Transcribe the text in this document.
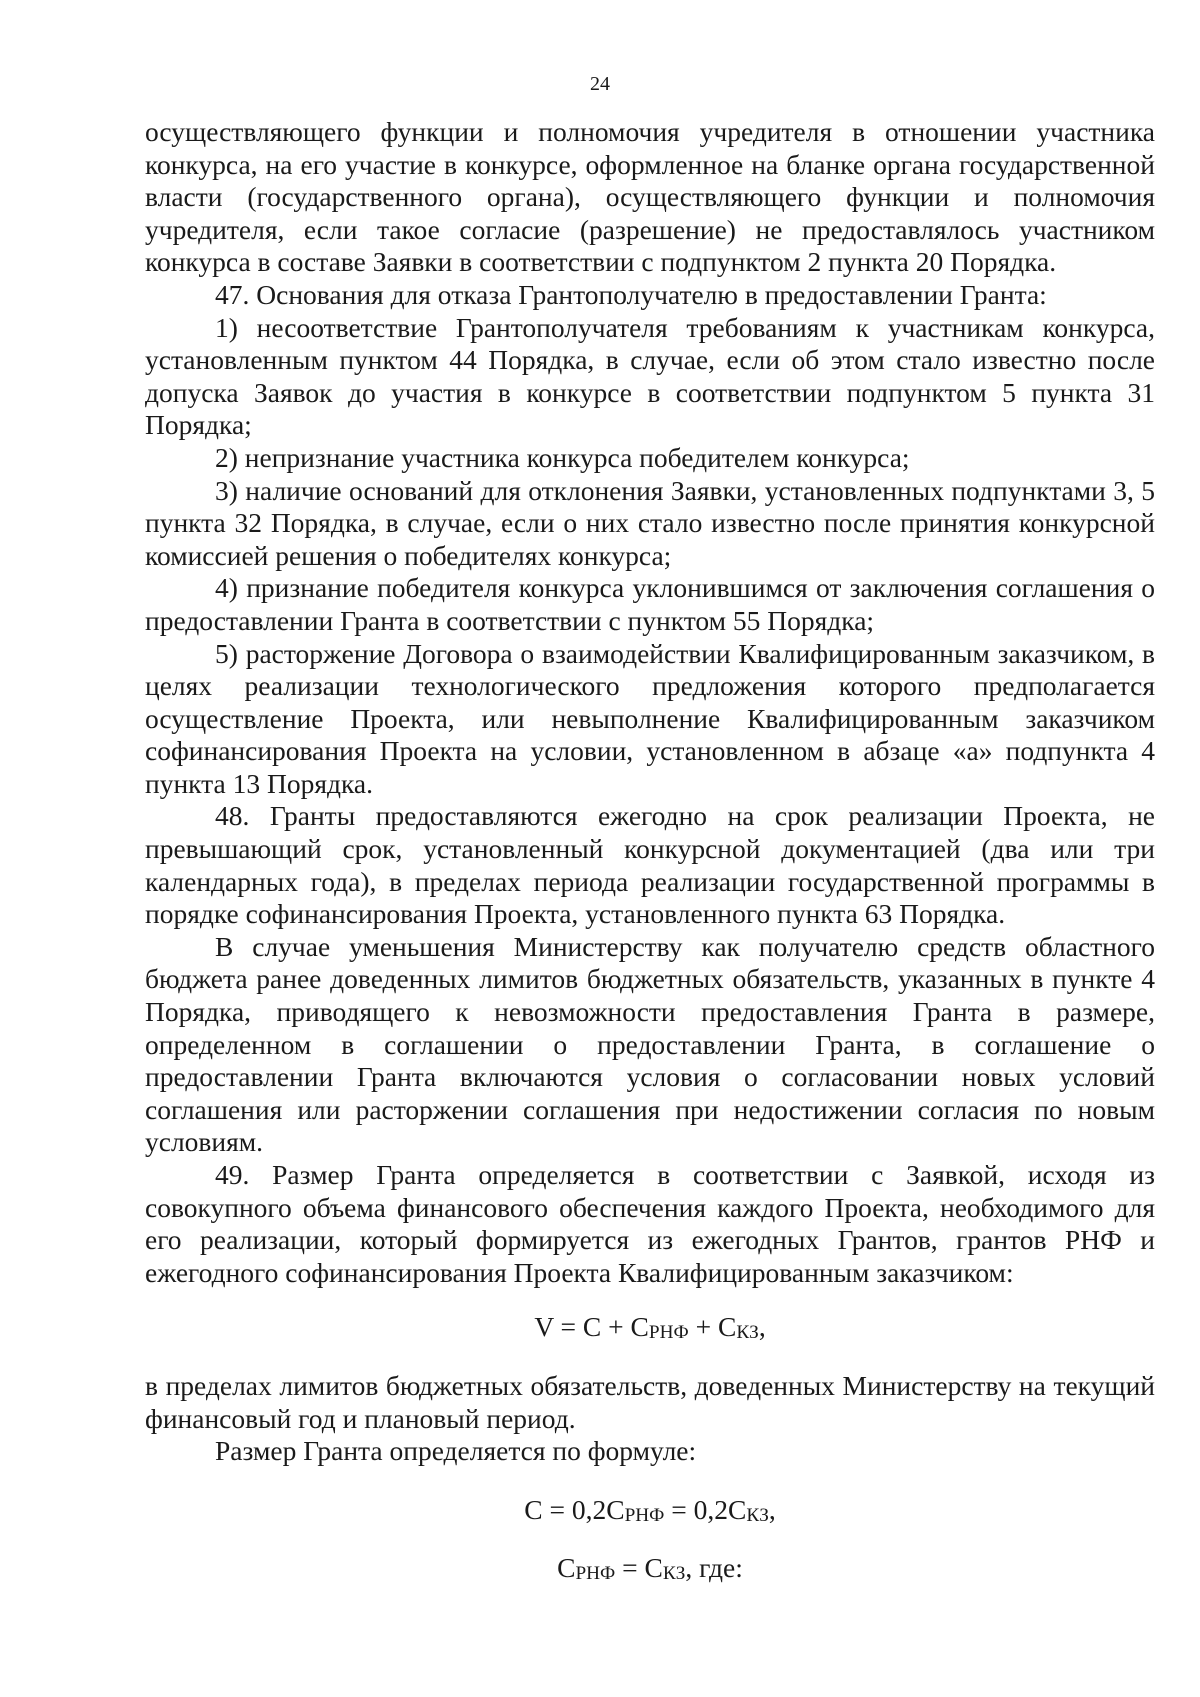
24

осуществляющего функции и полномочия учредителя в отношении участника конкурса, на его участие в конкурсе, оформленное на бланке органа государственной власти (государственного органа), осуществляющего функции и полномочия учредителя, если такое согласие (разрешение) не предоставлялось участником конкурса в составе Заявки в соответствии с подпунктом 2 пункта 20 Порядка.

47. Основания для отказа Грантополучателю в предоставлении Гранта:

1) несоответствие Грантополучателя требованиям к участникам конкурса, установленным пунктом 44 Порядка, в случае, если об этом стало известно после допуска Заявок до участия в конкурсе в соответствии подпунктом 5 пункта 31 Порядка;

2) непризнание участника конкурса победителем конкурса;

3) наличие оснований для отклонения Заявки, установленных подпунктами 3, 5 пункта 32 Порядка, в случае, если о них стало известно после принятия конкурсной комиссией решения о победителях конкурса;

4) признание победителя конкурса уклонившимся от заключения соглашения о предоставлении Гранта в соответствии с пунктом 55 Порядка;

5) расторжение Договора о взаимодействии Квалифицированным заказчиком, в целях реализации технологического предложения которого предполагается осуществление Проекта, или невыполнение Квалифицированным заказчиком софинансирования Проекта на условии, установленном в абзаце «а» подпункта 4 пункта 13 Порядка.

48. Гранты предоставляются ежегодно на срок реализации Проекта, не превышающий срок, установленный конкурсной документацией (два или три календарных года), в пределах периода реализации государственной программы в порядке софинансирования Проекта, установленного пункта 63 Порядка.

В случае уменьшения Министерству как получателю средств областного бюджета ранее доведенных лимитов бюджетных обязательств, указанных в пункте 4 Порядка, приводящего к невозможности предоставления Гранта в размере, определенном в соглашении о предоставлении Гранта, в соглашение о предоставлении Гранта включаются условия о согласовании новых условий соглашения или расторжении соглашения при недостижении согласия по новым условиям.

49. Размер Гранта определяется в соответствии с Заявкой, исходя из совокупного объема финансового обеспечения каждого Проекта, необходимого для его реализации, который формируется из ежегодных Грантов, грантов РНФ и ежегодного софинансирования Проекта Квалифицированным заказчиком:

$V = C + C_{РНФ} + C_{КЗ}$,

в пределах лимитов бюджетных обязательств, доведенных Министерству на текущий финансовый год и плановый период.

Размер Гранта определяется по формуле:

$C = 0,2C_{РНФ} = 0,2C_{КЗ}$,

$C_{РНФ} = C_{КЗ}$, где:
